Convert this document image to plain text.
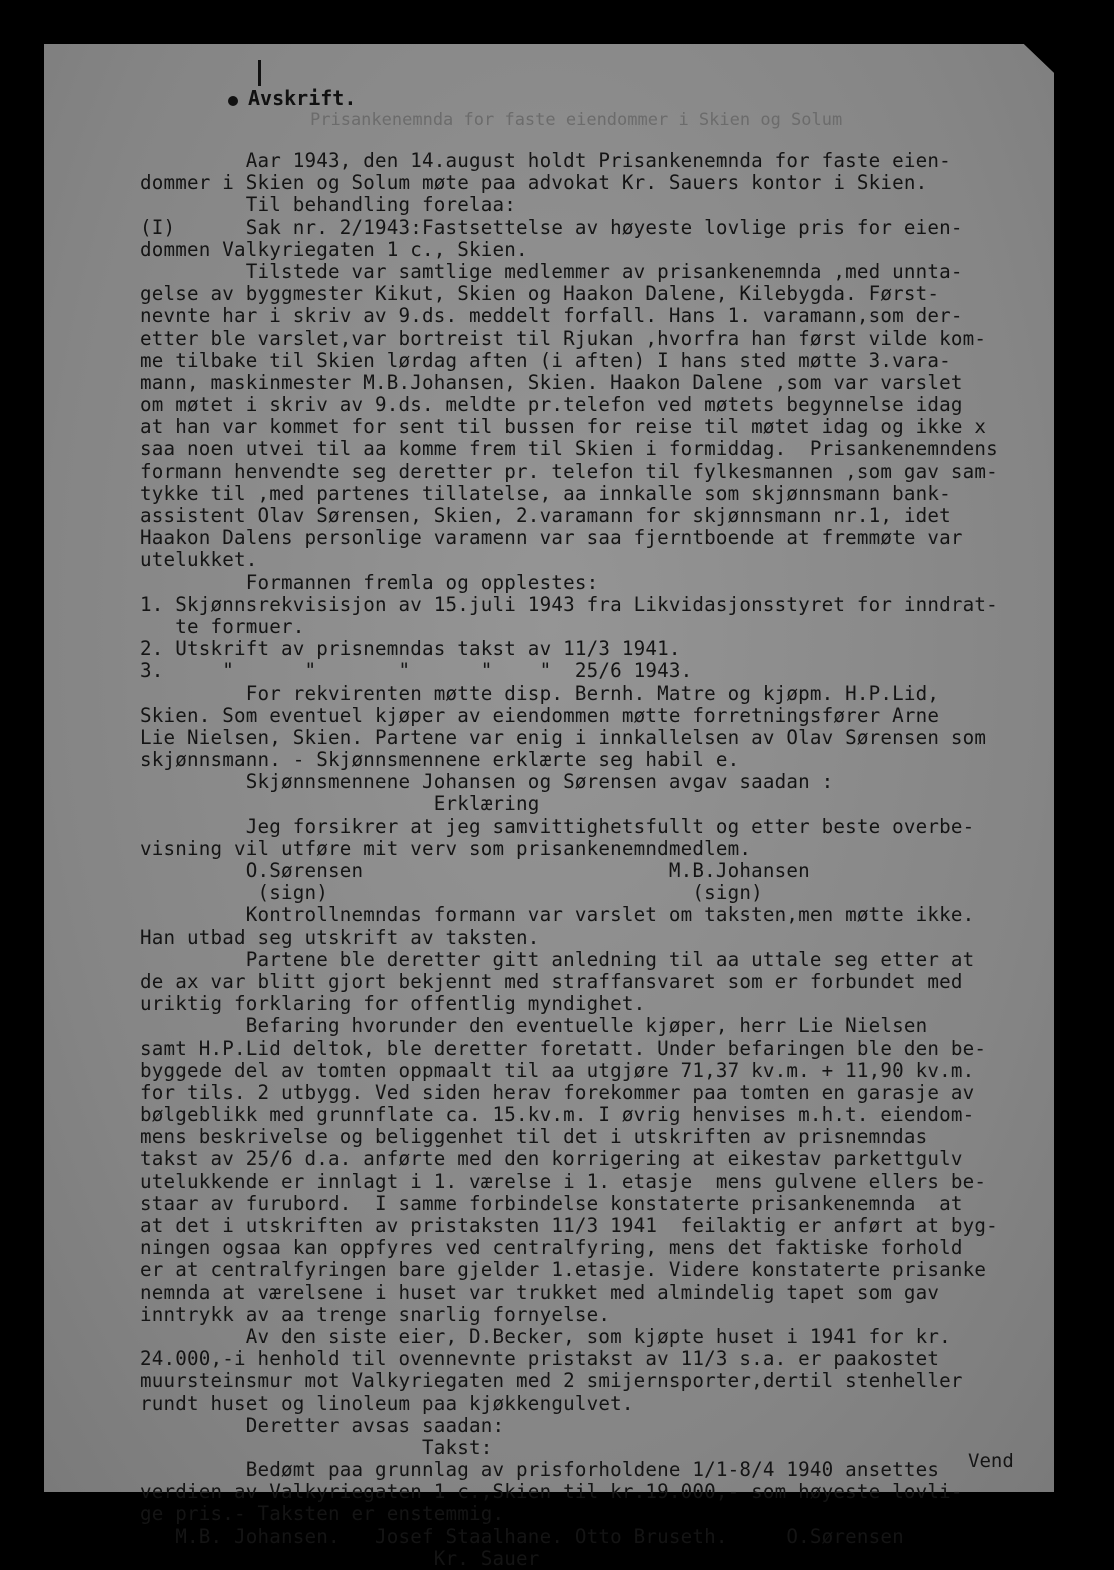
Avskrift.
Prisankenemnda for faste eiendommer i Skien og Solum
Aar 1943, den 14.august holdt Prisankenemnda for faste eien-
dommer i Skien og Solum møte paa advokat Kr. Sauers kontor i Skien.
Til behandling forelaa:
(I)      Sak nr. 2/1943:Fastsettelse av høyeste lovlige pris for eien-
dommen Valkyriegaten 1 c., Skien.
Tilstede var samtlige medlemmer av prisankenemnda ,med unnta-
gelse av byggmester Kikut, Skien og Haakon Dalene, Kilebygda. Først-
nevnte har i skriv av 9.ds. meddelt forfall. Hans 1. varamann,som der-
etter ble varslet,var bortreist til Rjukan ,hvorfra han først vilde kom-
me tilbake til Skien lørdag aften (i aften) I hans sted møtte 3.vara-
mann, maskinmester M.B.Johansen, Skien. Haakon Dalene ,som var varslet
om møtet i skriv av 9.ds. meldte pr.telefon ved møtets begynnelse idag
at han var kommet for sent til bussen for reise til møtet idag og ikke x
saa noen utvei til aa komme frem til Skien i formiddag.  Prisankenemndens
formann henvendte seg deretter pr. telefon til fylkesmannen ,som gav sam-
tykke til ,med partenes tillatelse, aa innkalle som skjønnsmann bank-
assistent Olav Sørensen, Skien, 2.varamann for skjønnsmann nr.1, idet
Haakon Dalens personlige varamenn var saa fjerntboende at fremmøte var
utelukket.
Formannen fremla og opplestes:
1. Skjønnsrekvisisjon av 15.juli 1943 fra Likvidasjonsstyret for inndrat-
te formuer.
2. Utskrift av prisnemndas takst av 11/3 1941.
3.     "      "       "      "    "  25/6 1943.
For rekvirenten møtte disp. Bernh. Matre og kjøpm. H.P.Lid,
Skien. Som eventuel kjøper av eiendommen møtte forretningsfører Arne
Lie Nielsen, Skien. Partene var enig i innkallelsen av Olav Sørensen som
skjønnsmann. - Skjønnsmennene erklærte seg habil e.
Skjønnsmennene Johansen og Sørensen avgav saadan :
Erklæring
Jeg forsikrer at jeg samvittighetsfullt og etter beste overbe-
visning vil utføre mit verv som prisankenemndmedlem.
O.Sørensen                          M.B.Johansen
(sign)                               (sign)
Kontrollnemndas formann var varslet om taksten,men møtte ikke.
Han utbad seg utskrift av taksten.
Partene ble deretter gitt anledning til aa uttale seg etter at
de ax var blitt gjort bekjennt med straffansvaret som er forbundet med
uriktig forklaring for offentlig myndighet.
Befaring hvorunder den eventuelle kjøper, herr Lie Nielsen
samt H.P.Lid deltok, ble deretter foretatt. Under befaringen ble den be-
byggede del av tomten oppmaalt til aa utgjøre 71,37 kv.m. + 11,90 kv.m.
for tils. 2 utbygg. Ved siden herav forekommer paa tomten en garasje av
bølgeblikk med grunnflate ca. 15.kv.m. I øvrig henvises m.h.t. eiendom-
mens beskrivelse og beliggenhet til det i utskriften av prisnemndas
takst av 25/6 d.a. anførte med den korrigering at eikestav parkettgulv
utelukkende er innlagt i 1. værelse i 1. etasje  mens gulvene ellers be-
staar av furubord.  I samme forbindelse konstaterte prisankenemnda  at
at det i utskriften av pristaksten 11/3 1941  feilaktig er anført at byg-
ningen ogsaa kan oppfyres ved centralfyring, mens det faktiske forhold
er at centralfyringen bare gjelder 1.etasje. Videre konstaterte prisanke
nemnda at værelsene i huset var trukket med almindelig tapet som gav
inntrykk av aa trenge snarlig fornyelse.
Av den siste eier, D.Becker, som kjøpte huset i 1941 for kr.
24.000,-i henhold til ovennevnte pristakst av 11/3 s.a. er paakostet
muursteinsmur mot Valkyriegaten med 2 smijernsporter,dertil stenheller
rundt huset og linoleum paa kjøkkengulvet.
Deretter avsas saadan:
Takst:
Bedømt paa grunnlag av prisforholdene 1/1-8/4 1940 ansettes
verdien av Valkyriegaten 1 c.,Skien til kr.19.000,- som høyeste lovli-
ge pris.- Taksten er enstemmig.
M.B. Johansen.   Josef Staalhane. Otto Bruseth.     O.Sørensen
Kr. Sauer
Vend
